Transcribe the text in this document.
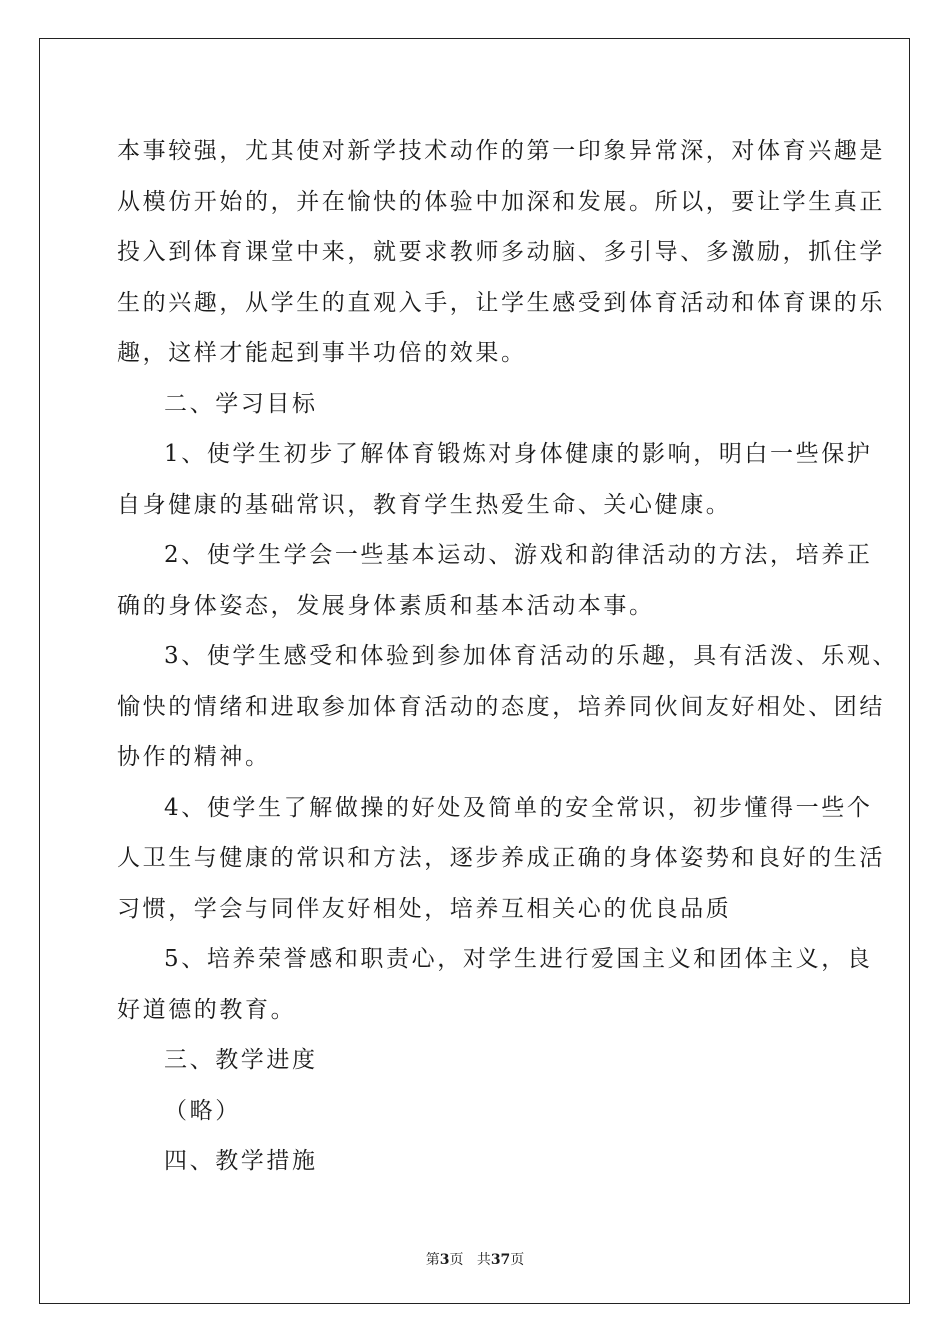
本事较强，尤其使对新学技术动作的第一印象异常深，对体育兴趣是
从模仿开始的，并在愉快的体验中加深和发展。所以，要让学生真正
投入到体育课堂中来，就要求教师多动脑、多引导、多激励，抓住学
生的兴趣，从学生的直观入手，让学生感受到体育活动和体育课的乐
趣，这样才能起到事半功倍的效果。
二、学习目标
1、使学生初步了解体育锻炼对身体健康的影响，明白一些保护
自身健康的基础常识，教育学生热爱生命、关心健康。
2、使学生学会一些基本运动、游戏和韵律活动的方法，培养正
确的身体姿态，发展身体素质和基本活动本事。
3、使学生感受和体验到参加体育活动的乐趣，具有活泼、乐观、
愉快的情绪和进取参加体育活动的态度，培养同伙间友好相处、团结
协作的精神。
4、使学生了解做操的好处及简单的安全常识，初步懂得一些个
人卫生与健康的常识和方法，逐步养成正确的身体姿势和良好的生活
习惯，学会与同伴友好相处，培养互相关心的优良品质
5、培养荣誉感和职责心，对学生进行爱国主义和团体主义，良
好道德的教育。
三、教学进度
（略）
四、教学措施
第3页 共37页
